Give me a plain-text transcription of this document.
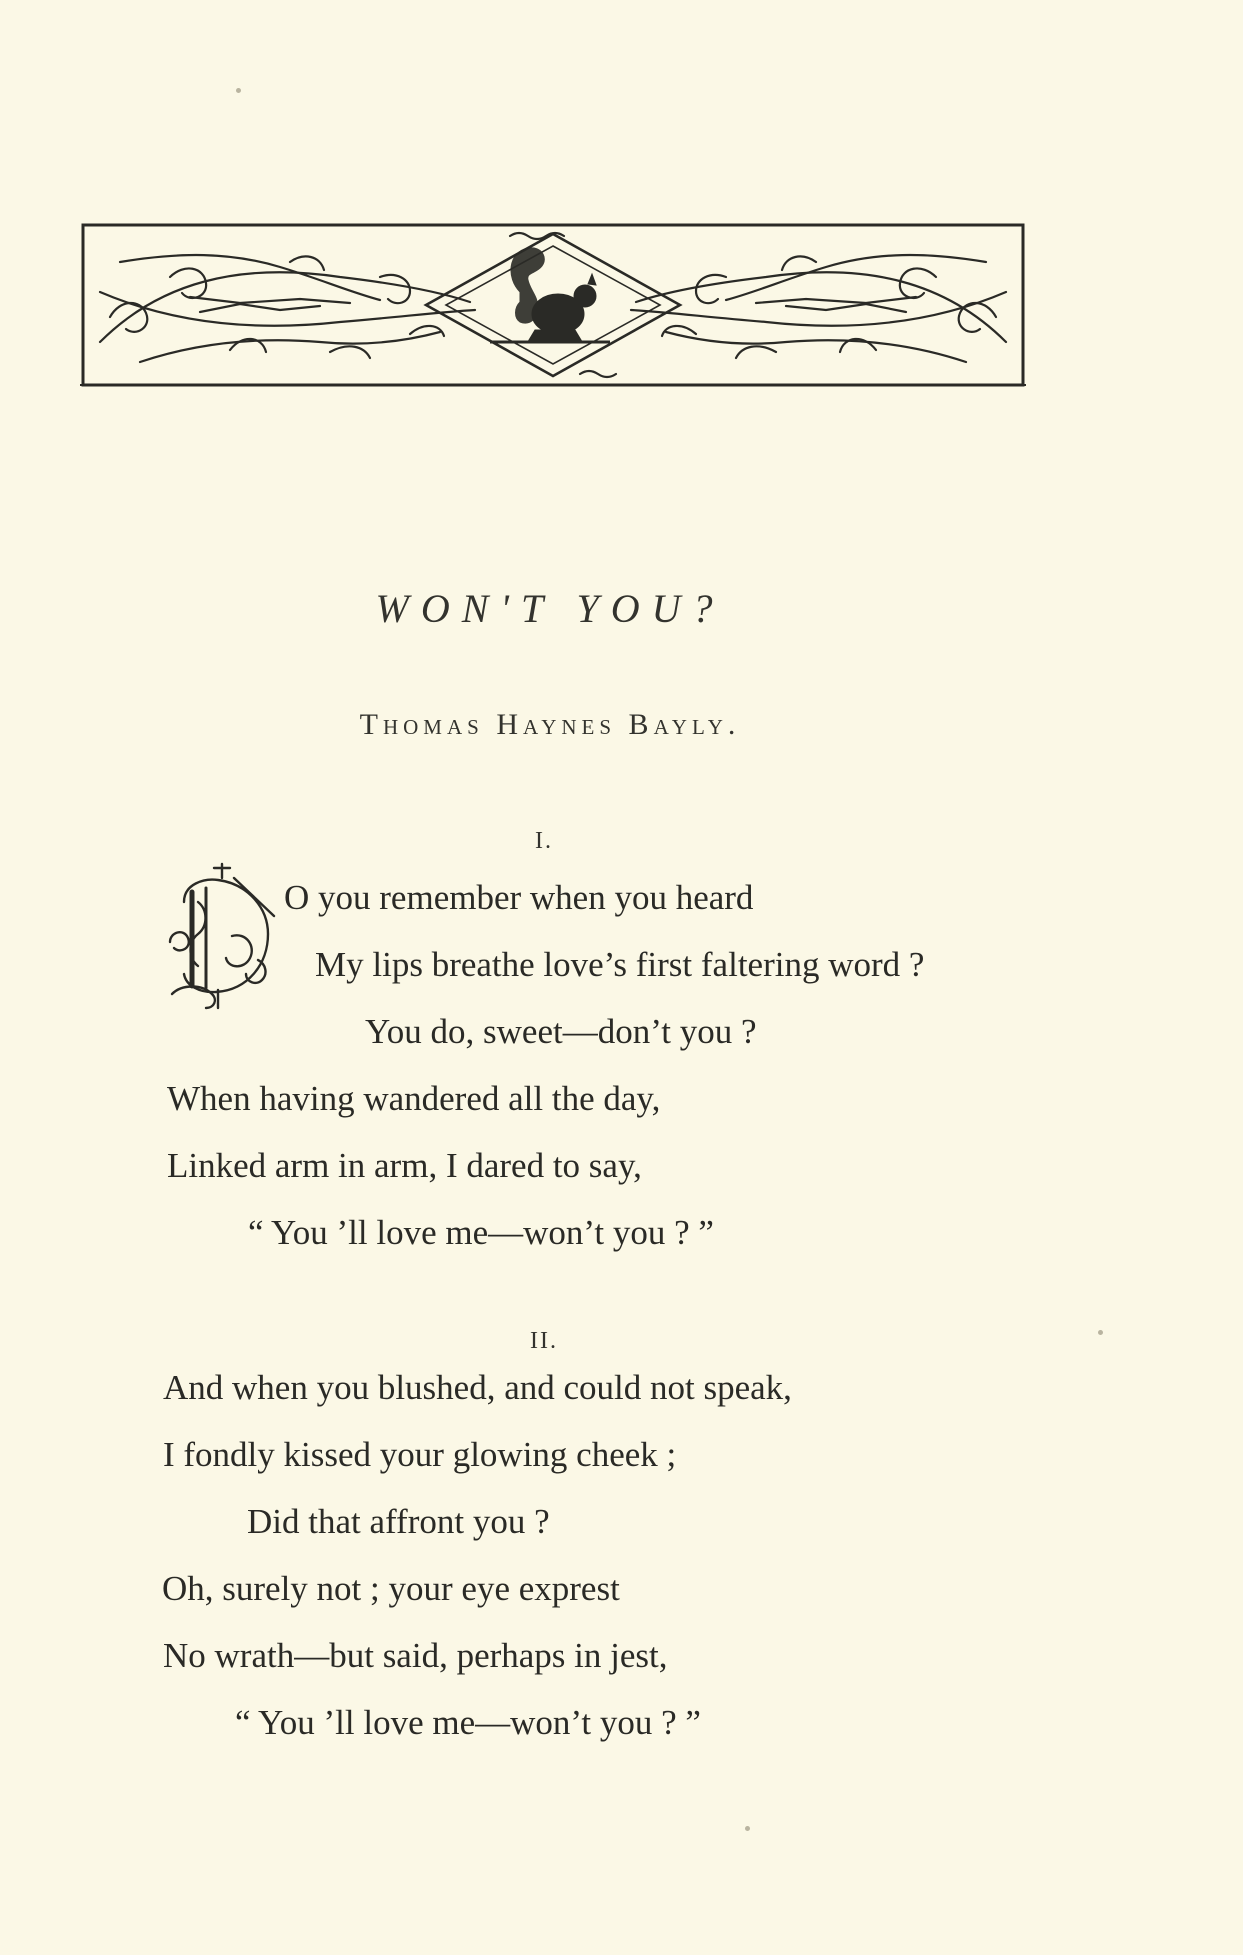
WON'T YOU?
Thomas Haynes Bayly.
I.
O you remember when you heard
My lips breathe love’s first faltering word ?
You do, sweet—don’t you ?
When having wandered all the day,
Linked arm in arm, I dared to say,
“ You ’ll love me—won’t you ? ”
II.
And when you blushed, and could not speak,
I fondly kissed your glowing cheek ;
Did that affront you ?
Oh, surely not ; your eye exprest
No wrath—but said, perhaps in jest,
“ You ’ll love me—won’t you ? ”
